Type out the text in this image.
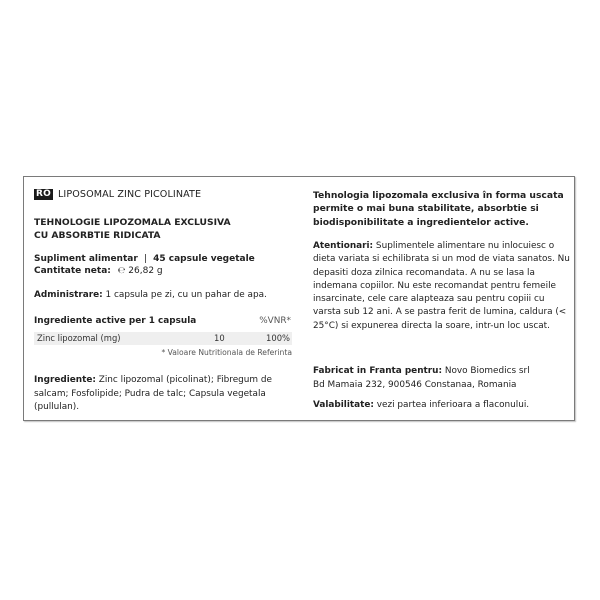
RO LIPOSOMAL ZINC PICOLINATE
TEHNOLOGIE LIPOZOMALA EXCLUSIVA
CU ABSORBTIE RIDICATA
Supliment alimentar | 45 capsule vegetale
Cantitate neta: ℮ 26,82 g
Administrare: 1 capsula pe zi, cu un pahar de apa.
Ingrediente active per 1 capsula	%VNR*
Zinc lipozomal (mg)	10	100%
* Valoare Nutritionala de Referinta
Ingrediente: Zinc lipozomal (picolinat); Fibregum de salcam; Fosfolipide; Pudra de talc; Capsula vegetala (pullulan).
Tehnologia lipozomala exclusiva în forma uscata permite o mai buna stabilitate, absorbtie si biodisponibilitate a ingredientelor active.
Atentionari: Suplimentele alimentare nu inlocuiesc o dieta variata si echilibrata si un mod de viata sanatos. Nu depasiti doza zilnica recomandata. A nu se lasa la indemana copiilor. Nu este recomandat pentru femeile insarcinate, cele care alapteaza sau pentru copiii cu varsta sub 12 ani. A se pastra ferit de lumina, caldura (< 25°C) si expunerea directa la soare, intr-un loc uscat.
Fabricat in Franta pentru: Novo Biomedics srl
Bd Mamaia 232, 900546 Constanaa, Romania
Valabilitate: vezi partea inferioara a flaconului.
